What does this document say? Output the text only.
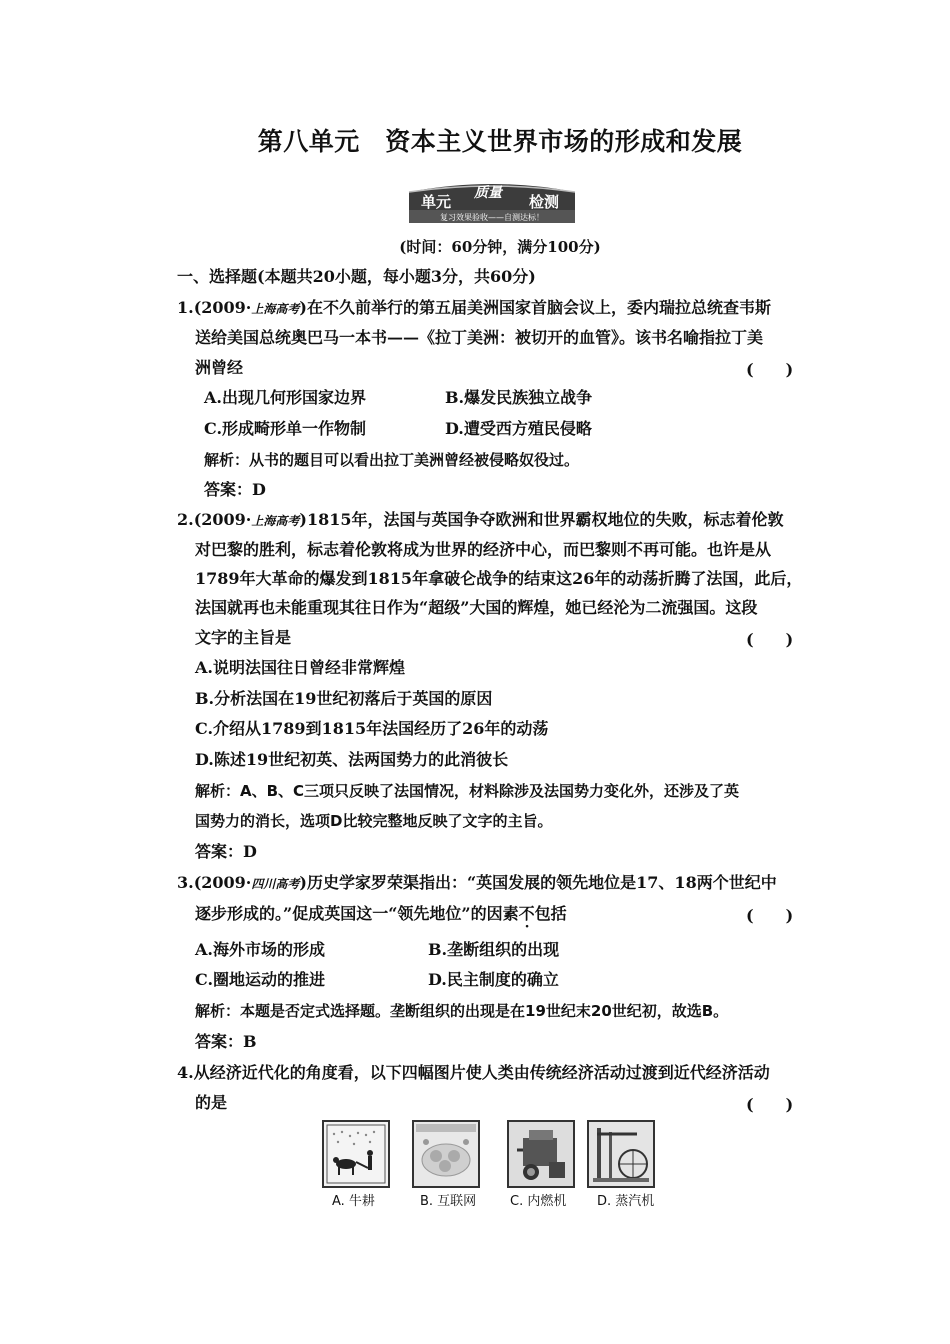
第八单元　资本主义世界市场的形成和发展
单元 质量 检测
复习效果验收——自测达标！
(时间：60分钟，满分100分)
一、选择题(本题共20小题，每小题3分，共60分)
1.(2009·上海高考)在不久前举行的第五届美洲国家首脑会议上，委内瑞拉总统查韦斯
送给美国总统奥巴马一本书——《拉丁美洲：被切开的血管》。该书名喻指拉丁美
洲曾经	(　　)
A.出现几何形国家边界	B.爆发民族独立战争
C.形成畸形单一作物制	D.遭受西方殖民侵略
解析：从书的题目可以看出拉丁美洲曾经被侵略奴役过。
答案：D
2.(2009·上海高考)1815年，法国与英国争夺欧洲和世界霸权地位的失败，标志着伦敦
对巴黎的胜利，标志着伦敦将成为世界的经济中心，而巴黎则不再可能。也许是从
1789年大革命的爆发到1815年拿破仑战争的结束这26年的动荡折腾了法国，此后，
法国就再也未能重现其往日作为“超级”大国的辉煌，她已经沦为二流强国。这段
文字的主旨是	(　　)
A.说明法国往日曾经非常辉煌
B.分析法国在19世纪初落后于英国的原因
C.介绍从1789到1815年法国经历了26年的动荡
D.陈述19世纪初英、法两国势力的此消彼长
解析：A、B、C三项只反映了法国情况，材料除涉及法国势力变化外，还涉及了英
国势力的消长，选项D比较完整地反映了文字的主旨。
答案：D
3.(2009·四川高考)历史学家罗荣渠指出：“英国发展的领先地位是17、18两个世纪中
逐步形成的。”促成英国这一“领先地位”的因素不包括	(　　)
A.海外市场的形成	B.垄断组织的出现
C.圈地运动的推进	D.民主制度的确立
解析：本题是否定式选择题。垄断组织的出现是在19世纪末20世纪初，故选B。
答案：B
4.从经济近代化的角度看，以下四幅图片使人类由传统经济活动过渡到近代经济活动
的是	(　　)
A. 牛耕	B. 互联网	C. 内燃机 D. 蒸汽机
